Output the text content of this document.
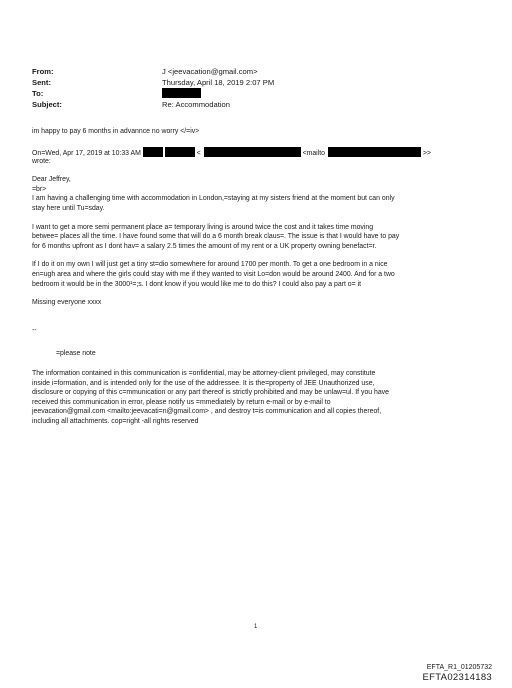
From:	J <jeevacation@gmail.com>
Sent:	Thursday, April 18, 2019 2:07 PM
To:

Subject:	Re: Accommodation
im happy to pay 6 months in advannce no worry </=iv>
On=Wed, Apr 17, 2019 at 10:33 AM	<	<mailto	>>
wrote:
Dear Jeffrey,
=br>
I am having a challenging time with accommodation in London,=staying at my sisters friend at the moment but can only
stay here until Tu=sday.
I want to get a more semi permanent place a= temporary living is around twice the cost and it takes time moving
betwee= places all the time. I have found some that will do a 6 month break claus=. The issue is that I would have to pay
for 6 months upfront as I dont hav= a salary 2.5 times the amount of my rent or a UK property owning benefact=r.
If I do it on my own I will just get a tiny st=dio somewhere for around 1700 per month. To get a one bedroom in a nice
en=ugh area and where the girls could stay with me if they wanted to visit Lo=don would be around 2400. And for a two
bedroom it would be in the 3000¹=;s. I dont know if you would like me to do this? I could also pay a part o= it
Missing everyone xxxx
--
=please note
The information contained in this communication is =onfidential, may be attorney-client privileged, may constitute
inside i=formation, and is intended only for the use of the addressee. It is the=property of JEE Unauthorized use,
disclosure or copying of this c=mmunication or any part thereof is strictly prohibited and may be unlaw=ul. If you have
received this communication in error, please notify us =mmediately by return e-mail or by e-mail to
jeevacation@gmail.com <mailto:jeevacati=n@gmail.com> , and destroy t=is communication and all copies thereof,
including all attachments. cop=right -all rights reserved
1
EFTA_R1_01205732
EFTA02314183
